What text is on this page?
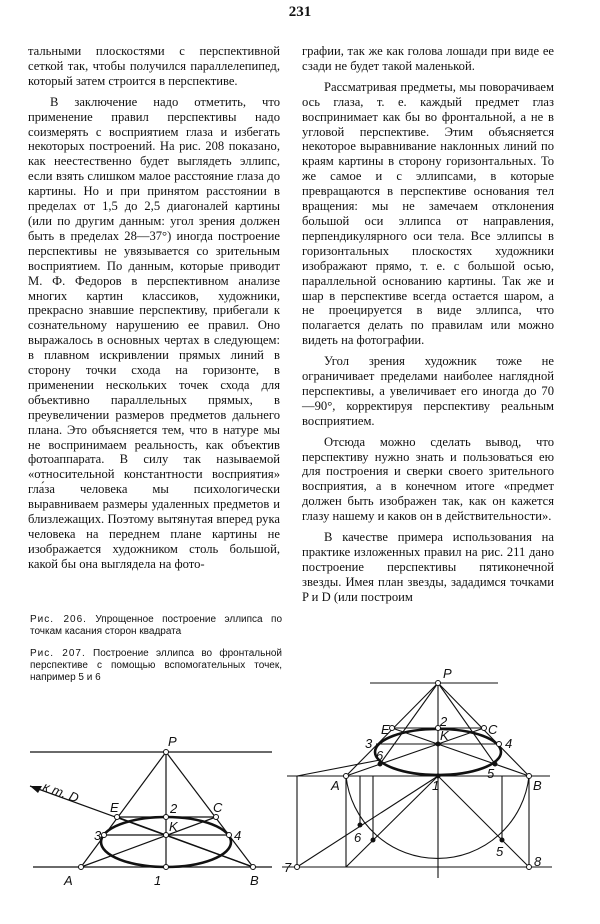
231

тальными плоскостями с перспективной сеткой так, чтобы получился параллелепипед, который затем строится в перспективе.

В заключение надо отметить, что применение правил перспективы надо соизмерять с восприятием глаза и избегать некоторых построений. На рис. 208 показано, как неестественно будет выглядеть эллипс, если взять слишком малое расстояние глаза до картины. Но и при принятом расстоянии в пределах от 1,5 до 2,5 диагоналей картины (или по другим данным: угол зрения должен быть в пределах 28—37°) иногда построение перспективы не увязывается со зрительным восприятием. По данным, которые приводит М. Ф. Федоров в перспективном анализе многих картин классиков, художники, прекрасно знавшие перспективу, прибегали к сознательному нарушению ее правил. Оно выражалось в основных чертах в следующем: в плавном искривлении прямых линий в сторону точки схода на горизонте, в применении нескольких точек схода для объективно параллельных прямых, в преувеличении размеров предметов дальнего плана. Это объясняется тем, что в натуре мы не воспринимаем реальность, как объектив фотоаппарата. В силу так называемой «относительной константности восприятия» гла́за человека мы психологически выравниваем размеры удаленных предметов и близлежащих. Поэтому вытянутая вперед рука человека на переднем плане картины не изображается художником столь большой, какой бы она выглядела на фото-

графии, так же как голова лошади при виде ее сзади не будет такой маленькой.

Рассматривая предметы, мы поворачиваем ось глаза, т. е. каждый предмет глаз воспринимает как бы во фронтальной, а не в угловой перспективе. Этим объясняется некоторое выравнивание наклонных линий по краям картины в сторону горизонтальных. То же самое и с эллипсами, в которые превращаются в перспективе основания тел вращения: мы не замечаем отклонения большой оси эллипса от направления, перпендикулярного оси тела. Все эллипсы в горизонтальных плоскостях художники изображают прямо, т. е. с большой осью, параллельной основанию картины. Так же и шар в перспективе всегда остается шаром, а не проецируется в виде эллипса, что полагается делать по правилам или можно видеть на фотографии.

Угол зрения художник тоже не ограничивает пределами наиболее наглядной перспективы, а увеличивает его иногда до 70—90°, корректируя перспективу реальным восприятием.

Отсюда можно сделать вывод, что перспективу нужно знать и пользоваться ею для построения и сверки своего зрительного восприятия, а в конечном итоге «предмет должен быть изображен так, как он кажется глазу нашему и каков он в действительности».

В качестве примера использования на практике изложенных правил на рис. 211 дано построение перспективы пятиконечной звезды. Имея план звезды, зададимся точками P и D (или построим

Рис. 206. Упрощенное построение эллипса по точкам касания сторон квадрата
Рис. 207. Построение эллипса во фронтальной перспективе с помощью вспомогательных точек, например 5 и 6
P
E	C
2
K
3	4
A	1	B
к т. D
P
E	C
2
K
3	4
6
5
A	B
1
6
5
7	8
